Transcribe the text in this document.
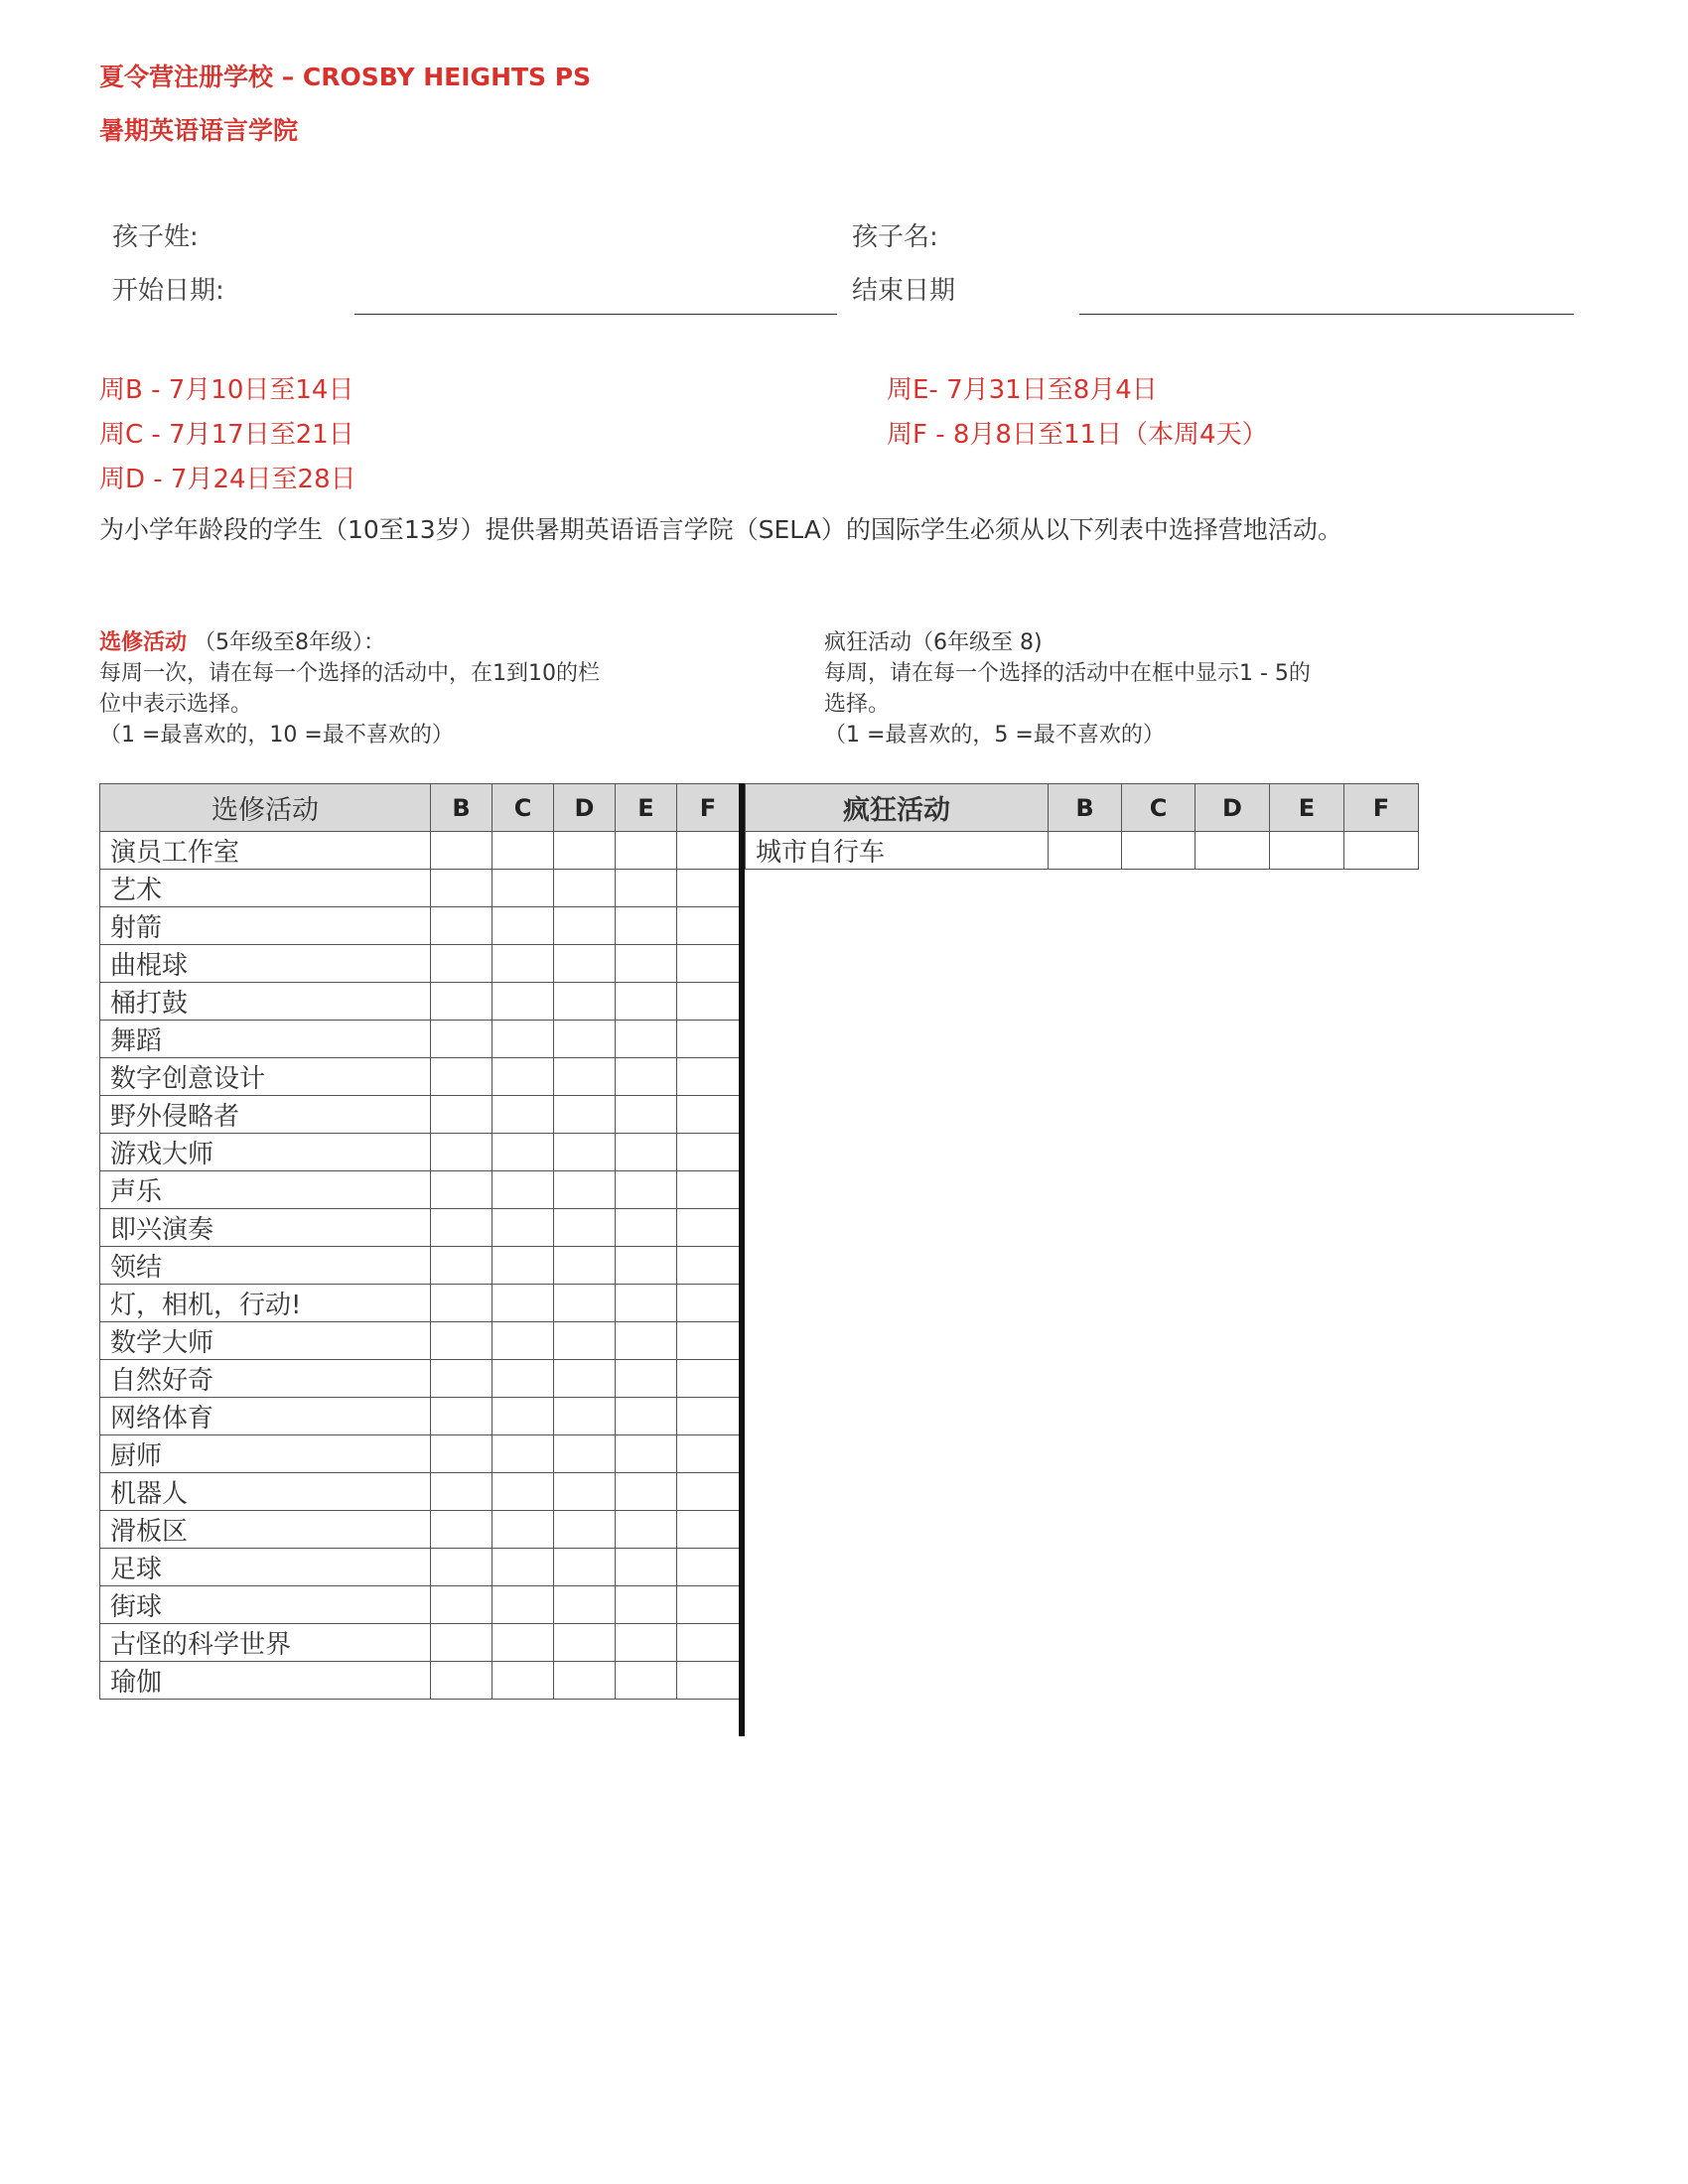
夏令营注册学校 – CROSBY HEIGHTS PS
暑期英语语言学院
孩子姓:	孩子名:
开始日期:	结束日期
周B - 7月10日至14日
周C - 7月17日至21日
周D - 7月24日至28日
周E- 7月31日至8月4日
周F - 8月8日至11日（本周4天）
为小学年龄段的学生（10至13岁）提供暑期英语语言学院（SELA）的国际学生必须从以下列表中选择营地活动。
选修活动 （5年级至8年级）：
每周一次，请在每一个选择的活动中，在1到10的栏
位中表示选择。
（1 =最喜欢的，10 =最不喜欢的）
疯狂活动（6年级至 8)
每周，请在每一个选择的活动中在框中显示1 - 5的
选择。
（1 =最喜欢的，5 =最不喜欢的）
选修活动	B	C	D	E	F
演员工作室					
艺术					
射箭					
曲棍球					
桶打鼓					
舞蹈					
数字创意设计					
野外侵略者					
游戏大师					
声乐					
即兴演奏					
领结					
灯，相机，行动!					
数学大师					
自然好奇					
网络体育					
厨师					
机器人					
滑板区					
足球					
街球					
古怪的科学世界					
瑜伽					
疯狂活动	B	C	D	E	F
城市自行车					
